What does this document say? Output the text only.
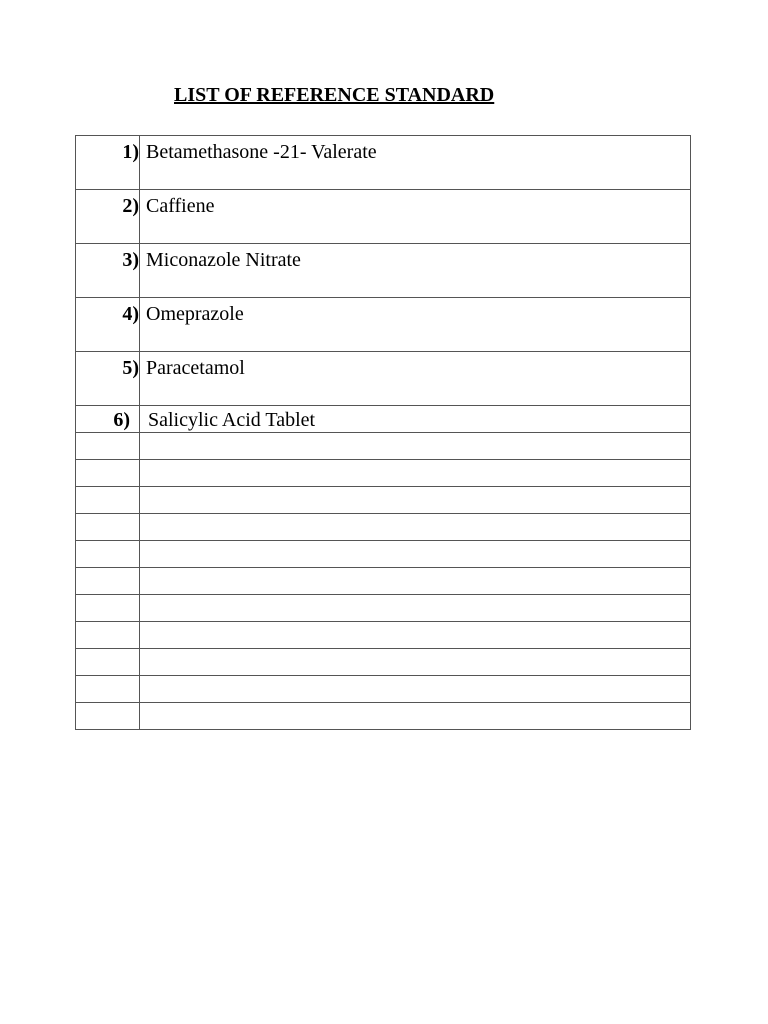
LIST OF REFERENCE STANDARD
1)	Betamethasone -21- Valerate

2)	Caffiene

3)	Miconazole Nitrate

4)	Omeprazole

5)	Paracetamol

6)	Salicylic Acid Tablet
